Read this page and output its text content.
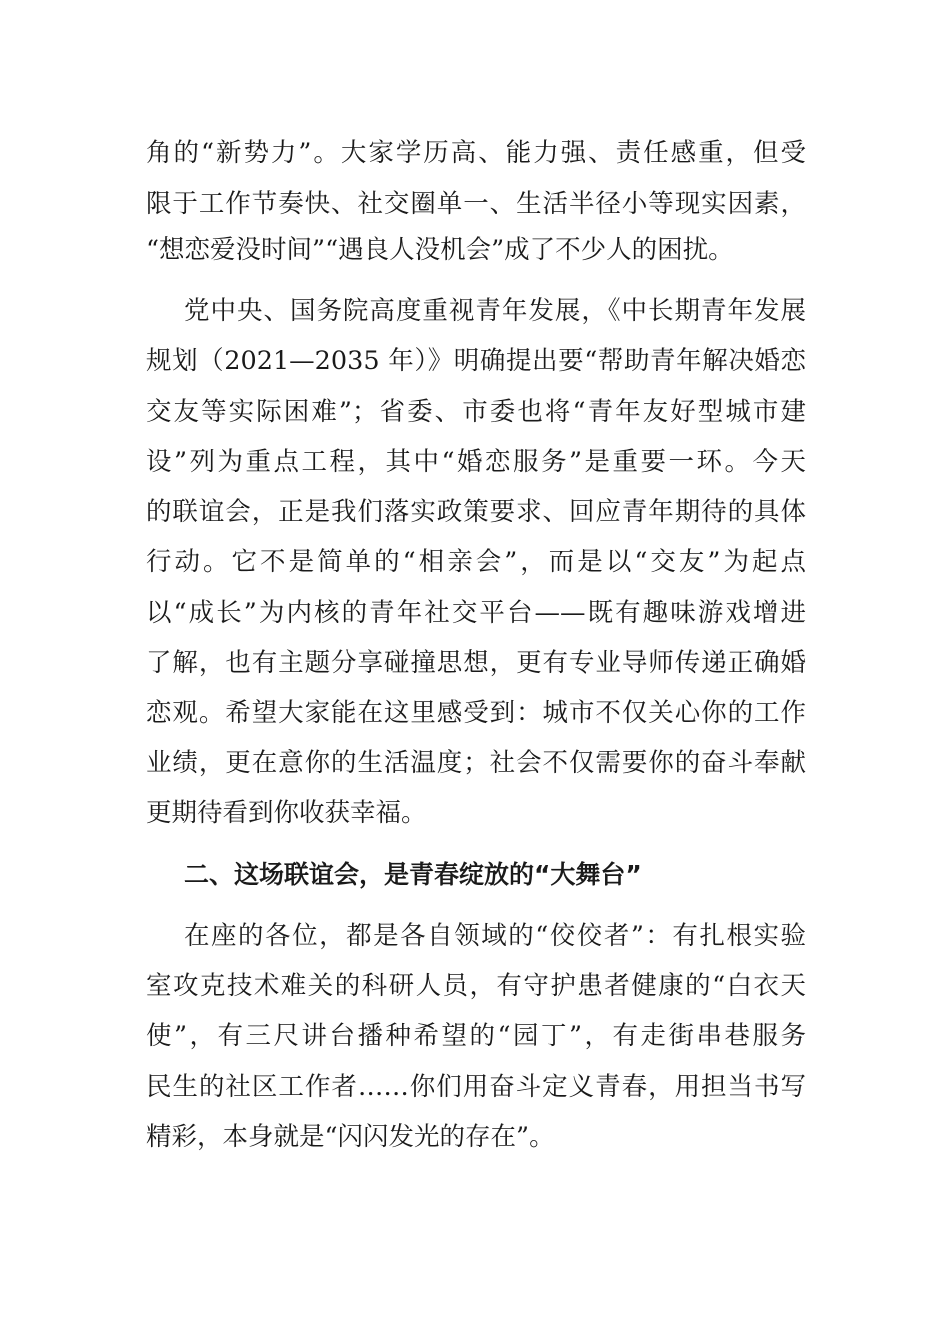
角的“新势力”。大家学历高、能力强、责任感重，但受
限于工作节奏快、社交圈单一、生活半径小等现实因素，
“想恋爱没时间”“遇良人没机会”成了不少人的困扰。
党中央、国务院高度重视青年发展，《中长期青年发展
规划（2021—2035 年）》明确提出要“帮助青年解决婚恋
交友等实际困难”；省委、市委也将“青年友好型城市建
设”列为重点工程，其中“婚恋服务”是重要一环。今天
的联谊会，正是我们落实政策要求、回应青年期待的具体
行动。它不是简单的“相亲会”，而是以“交友”为起点
以“成长”为内核的青年社交平台——既有趣味游戏增进
了解，也有主题分享碰撞思想，更有专业导师传递正确婚
恋观。希望大家能在这里感受到：城市不仅关心你的工作
业绩，更在意你的生活温度；社会不仅需要你的奋斗奉献
更期待看到你收获幸福。
二、这场联谊会，是青春绽放的“大舞台”
在座的各位，都是各自领域的“佼佼者”：有扎根实验
室攻克技术难关的科研人员，有守护患者健康的“白衣天
使”，有三尺讲台播种希望的“园丁”，有走街串巷服务
民生的社区工作者……你们用奋斗定义青春，用担当书写
精彩，本身就是“闪闪发光的存在”。
